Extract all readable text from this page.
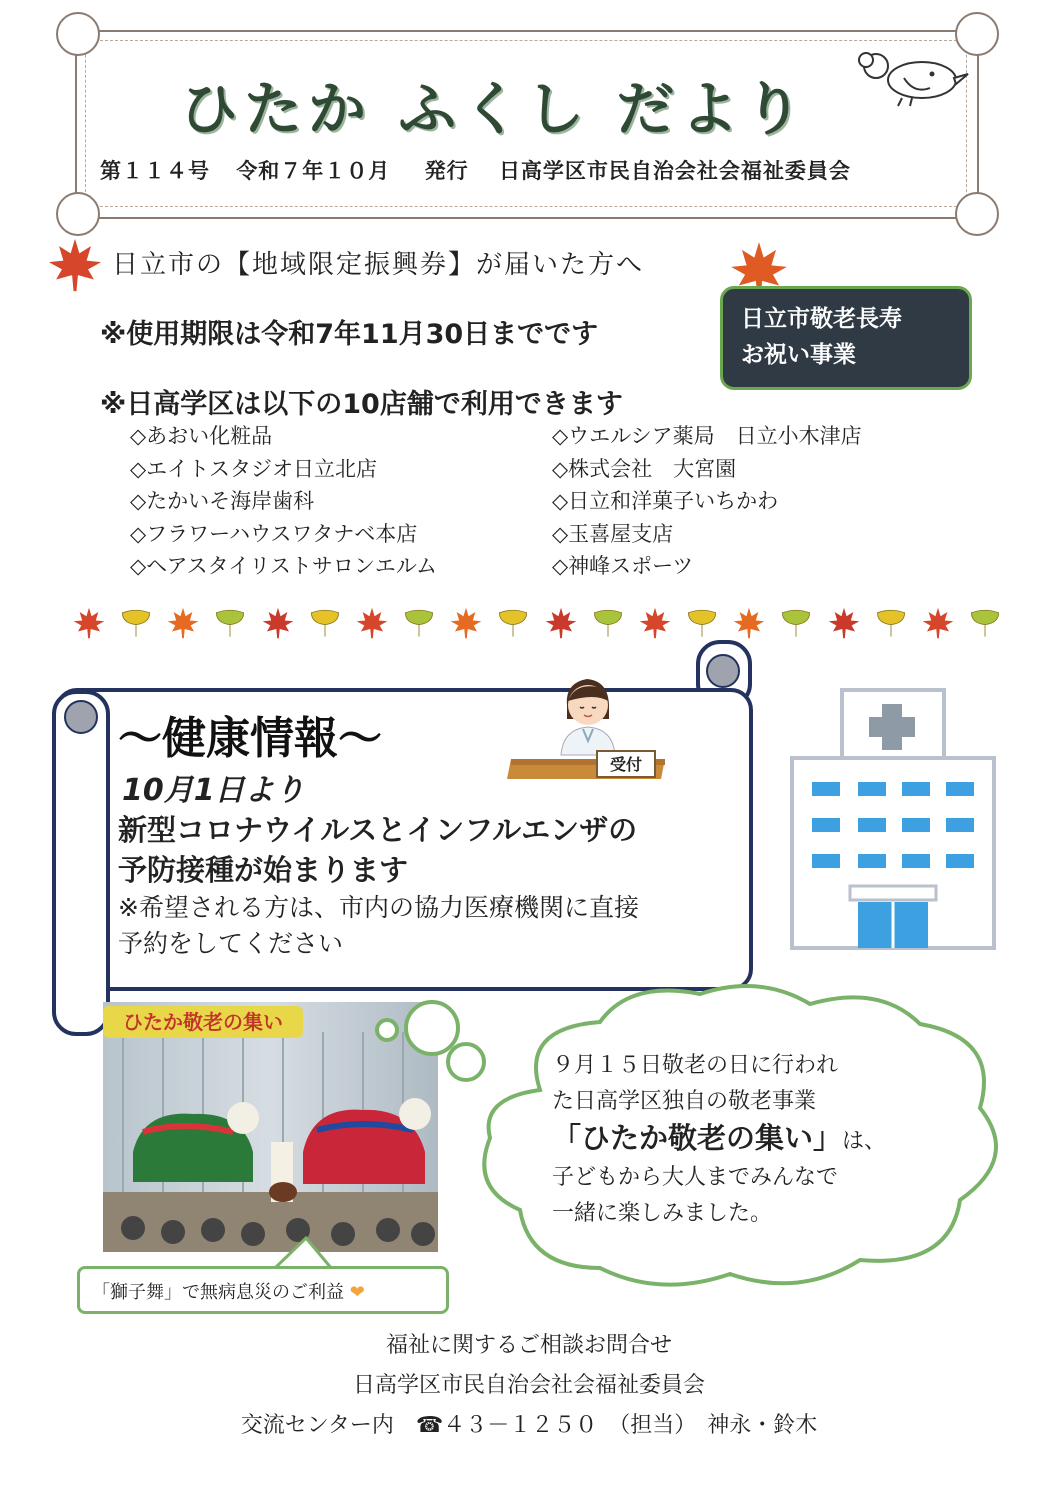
ひたか ふくし だより
第１１４号 令和７年１０月 発行 日高学区市民自治会社会福祉委員会
日立市の【地域限定振興券】が届いた方へ
※使用期限は令和7年11月30日までです	日立市敬老長寿
お祝い事業
※日高学区は以下の10店舗で利用できます
◇あおい化粧品
◇エイトスタジオ日立北店
◇たかいそ海岸歯科
◇フラワーハウスワタナベ本店
◇ヘアスタイリストサロンエルム
◇ウエルシア薬局　日立小木津店
◇株式会社　大宮園
◇日立和洋菓子いちかわ
◇玉喜屋支店
◇神峰スポーツ
～健康情報～
10月1日より
新型コロナウイルスとインフルエンザの
予防接種が始まります
※希望される方は、市内の協力医療機関に直接
予約をしてください
受付
ひたか敬老の集い
「獅子舞」で無病息災のご利益 ❤
９月１５日敬老の日に行われ
た日高学区独自の敬老事業
「ひたか敬老の集い」は、
子どもから大人までみんなで
一緒に楽しみました。
福祉に関するご相談お問合せ
日高学区市民自治会社会福祉委員会
交流センター内　☎４３－１２５０　（担当）　神永・鈴木
